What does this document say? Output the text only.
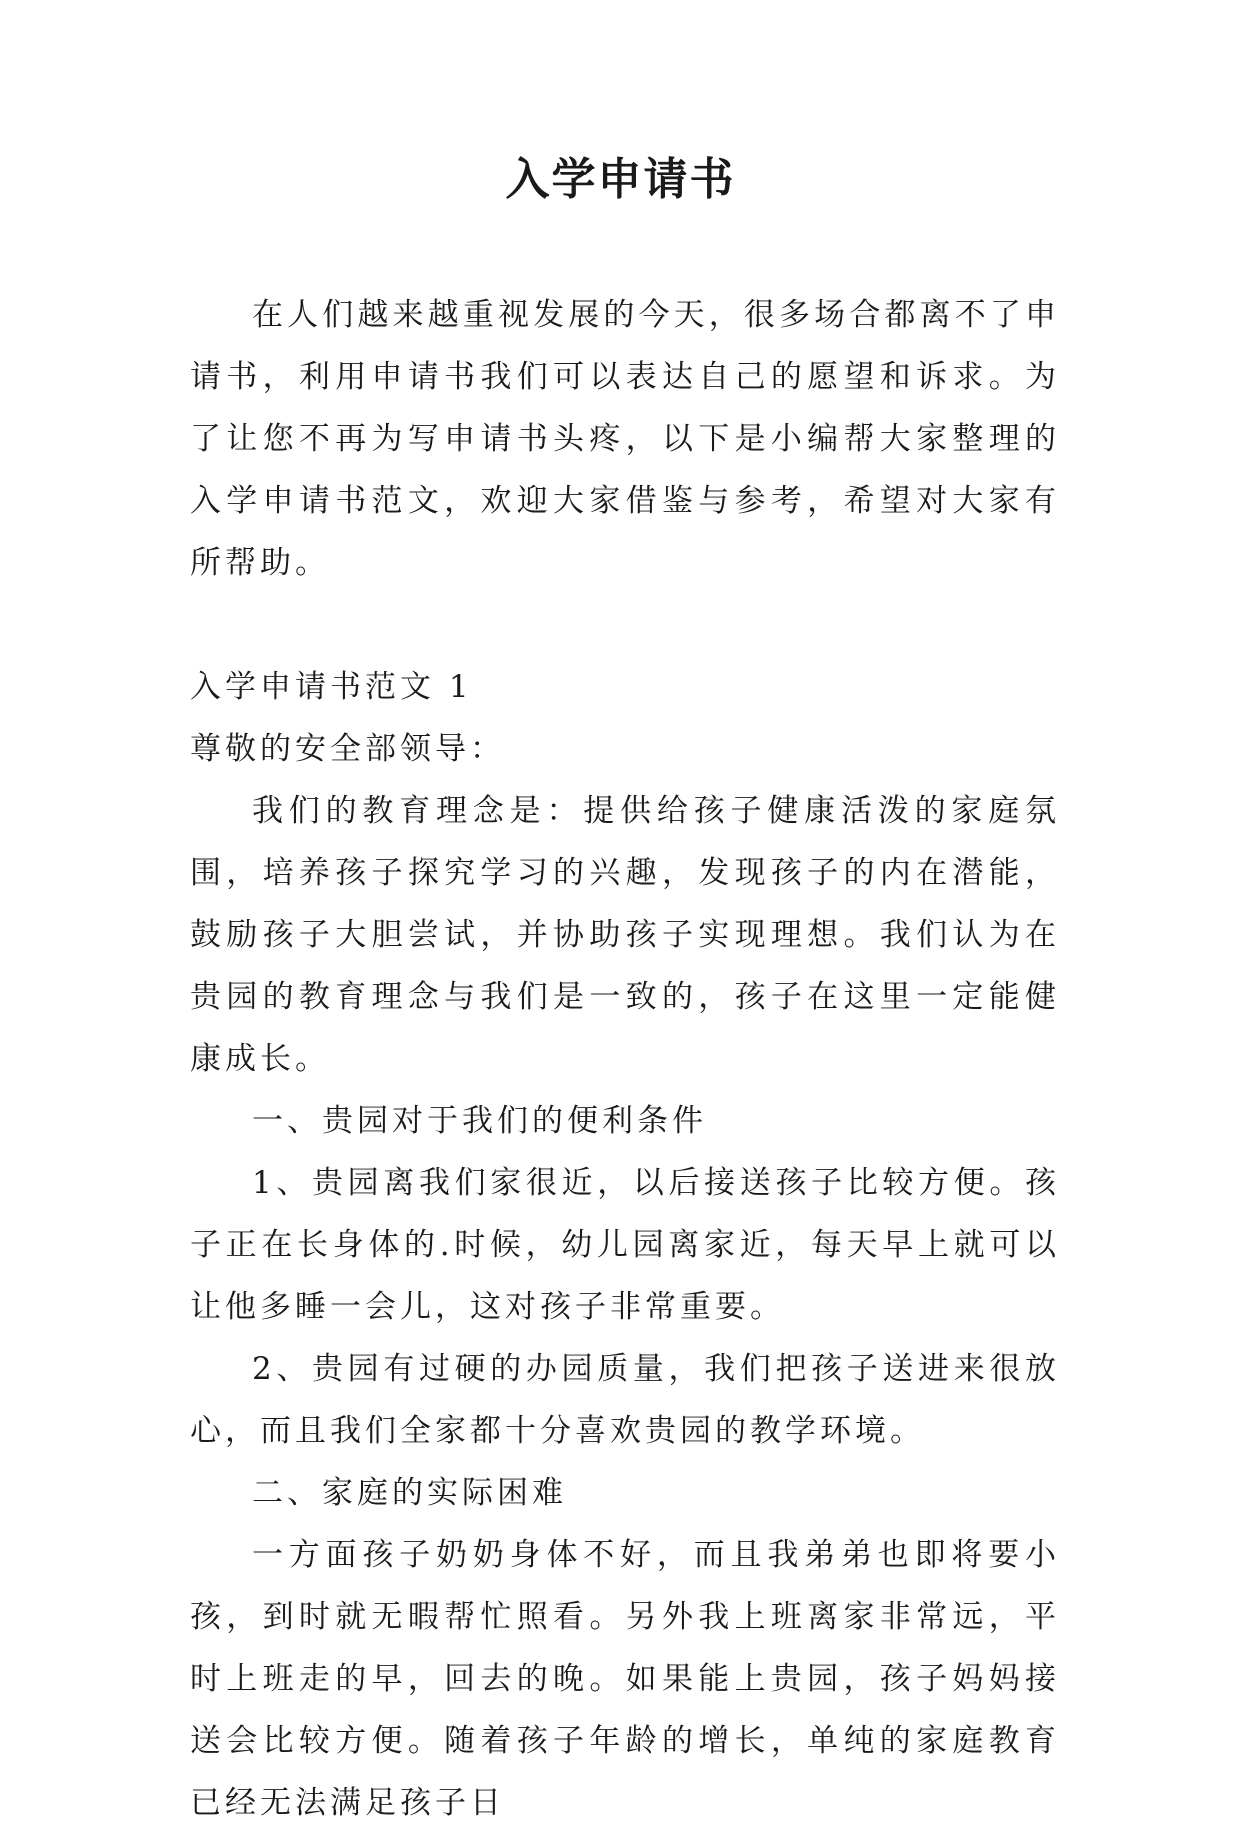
入学申请书

在人们越来越重视发展的今天，很多场合都离不了申请书，利用申请书我们可以表达自己的愿望和诉求。为了让您不再为写申请书头疼，以下是小编帮大家整理的入学申请书范文，欢迎大家借鉴与参考，希望对大家有所帮助。

入学申请书范文 1

尊敬的安全部领导：

我们的教育理念是：提供给孩子健康活泼的家庭氛围，培养孩子探究学习的兴趣，发现孩子的内在潜能，鼓励孩子大胆尝试，并协助孩子实现理想。我们认为在贵园的教育理念与我们是一致的，孩子在这里一定能健康成长。

一、贵园对于我们的便利条件

1、贵园离我们家很近，以后接送孩子比较方便。孩子正在长身体的.时候，幼儿园离家近，每天早上就可以让他多睡一会儿，这对孩子非常重要。

2、贵园有过硬的办园质量，我们把孩子送进来很放心，而且我们全家都十分喜欢贵园的教学环境。

二、家庭的实际困难

一方面孩子奶奶身体不好，而且我弟弟也即将要小孩，到时就无暇帮忙照看。另外我上班离家非常远，平时上班走的早，回去的晚。如果能上贵园，孩子妈妈接送会比较方便。随着孩子年龄的增长，单纯的家庭教育已经无法满足孩子日
